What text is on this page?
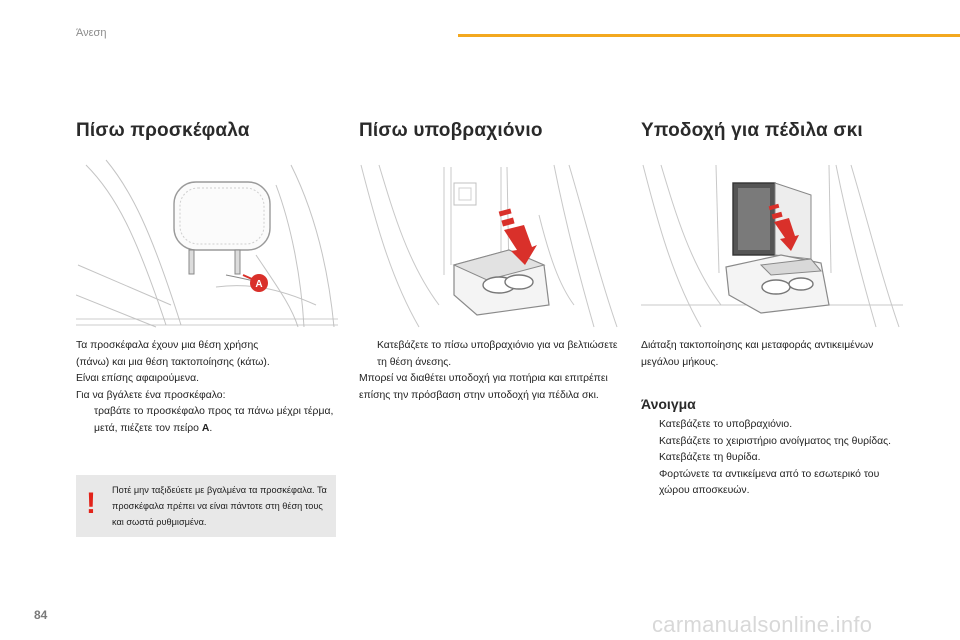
Άνεση
Πίσω προσκέφαλα
A
Τα προσκέφαλα έχουν μια θέση χρήσης
(πάνω) και μια θέση τακτοποίησης (κάτω).
Είναι επίσης αφαιρούμενα.
Για να βγάλετε ένα προσκέφαλο:
τραβάτε το προσκέφαλο προς τα πάνω μέχρι τέρμα,
μετά, πιέζετε τον πείρο A.
! Ποτέ μην ταξιδεύετε με βγαλμένα τα προσκέφαλα. Τα προσκέφαλα πρέπει να είναι πάντοτε στη θέση τους και σωστά ρυθμισμένα.
Πίσω υποβραχιόνιο
Κατεβάζετε το πίσω υποβραχιόνιο για να βελτιώσετε τη θέση άνεσης.
Μπορεί να διαθέτει υποδοχή για ποτήρια και επιτρέπει επίσης την πρόσβαση στην υποδοχή για πέδιλα σκι.
Υποδοχή για πέδιλα σκι
Διάταξη τακτοποίησης και μεταφοράς αντικειμένων μεγάλου μήκους.
Άνοιγμα
Κατεβάζετε το υποβραχιόνιο.
Κατεβάζετε το χειριστήριο ανοίγματος της θυρίδας.
Κατεβάζετε τη θυρίδα.
Φορτώνετε τα αντικείμενα από το εσωτερικό του χώρου αποσκευών.
84	carmanualsonline.info
